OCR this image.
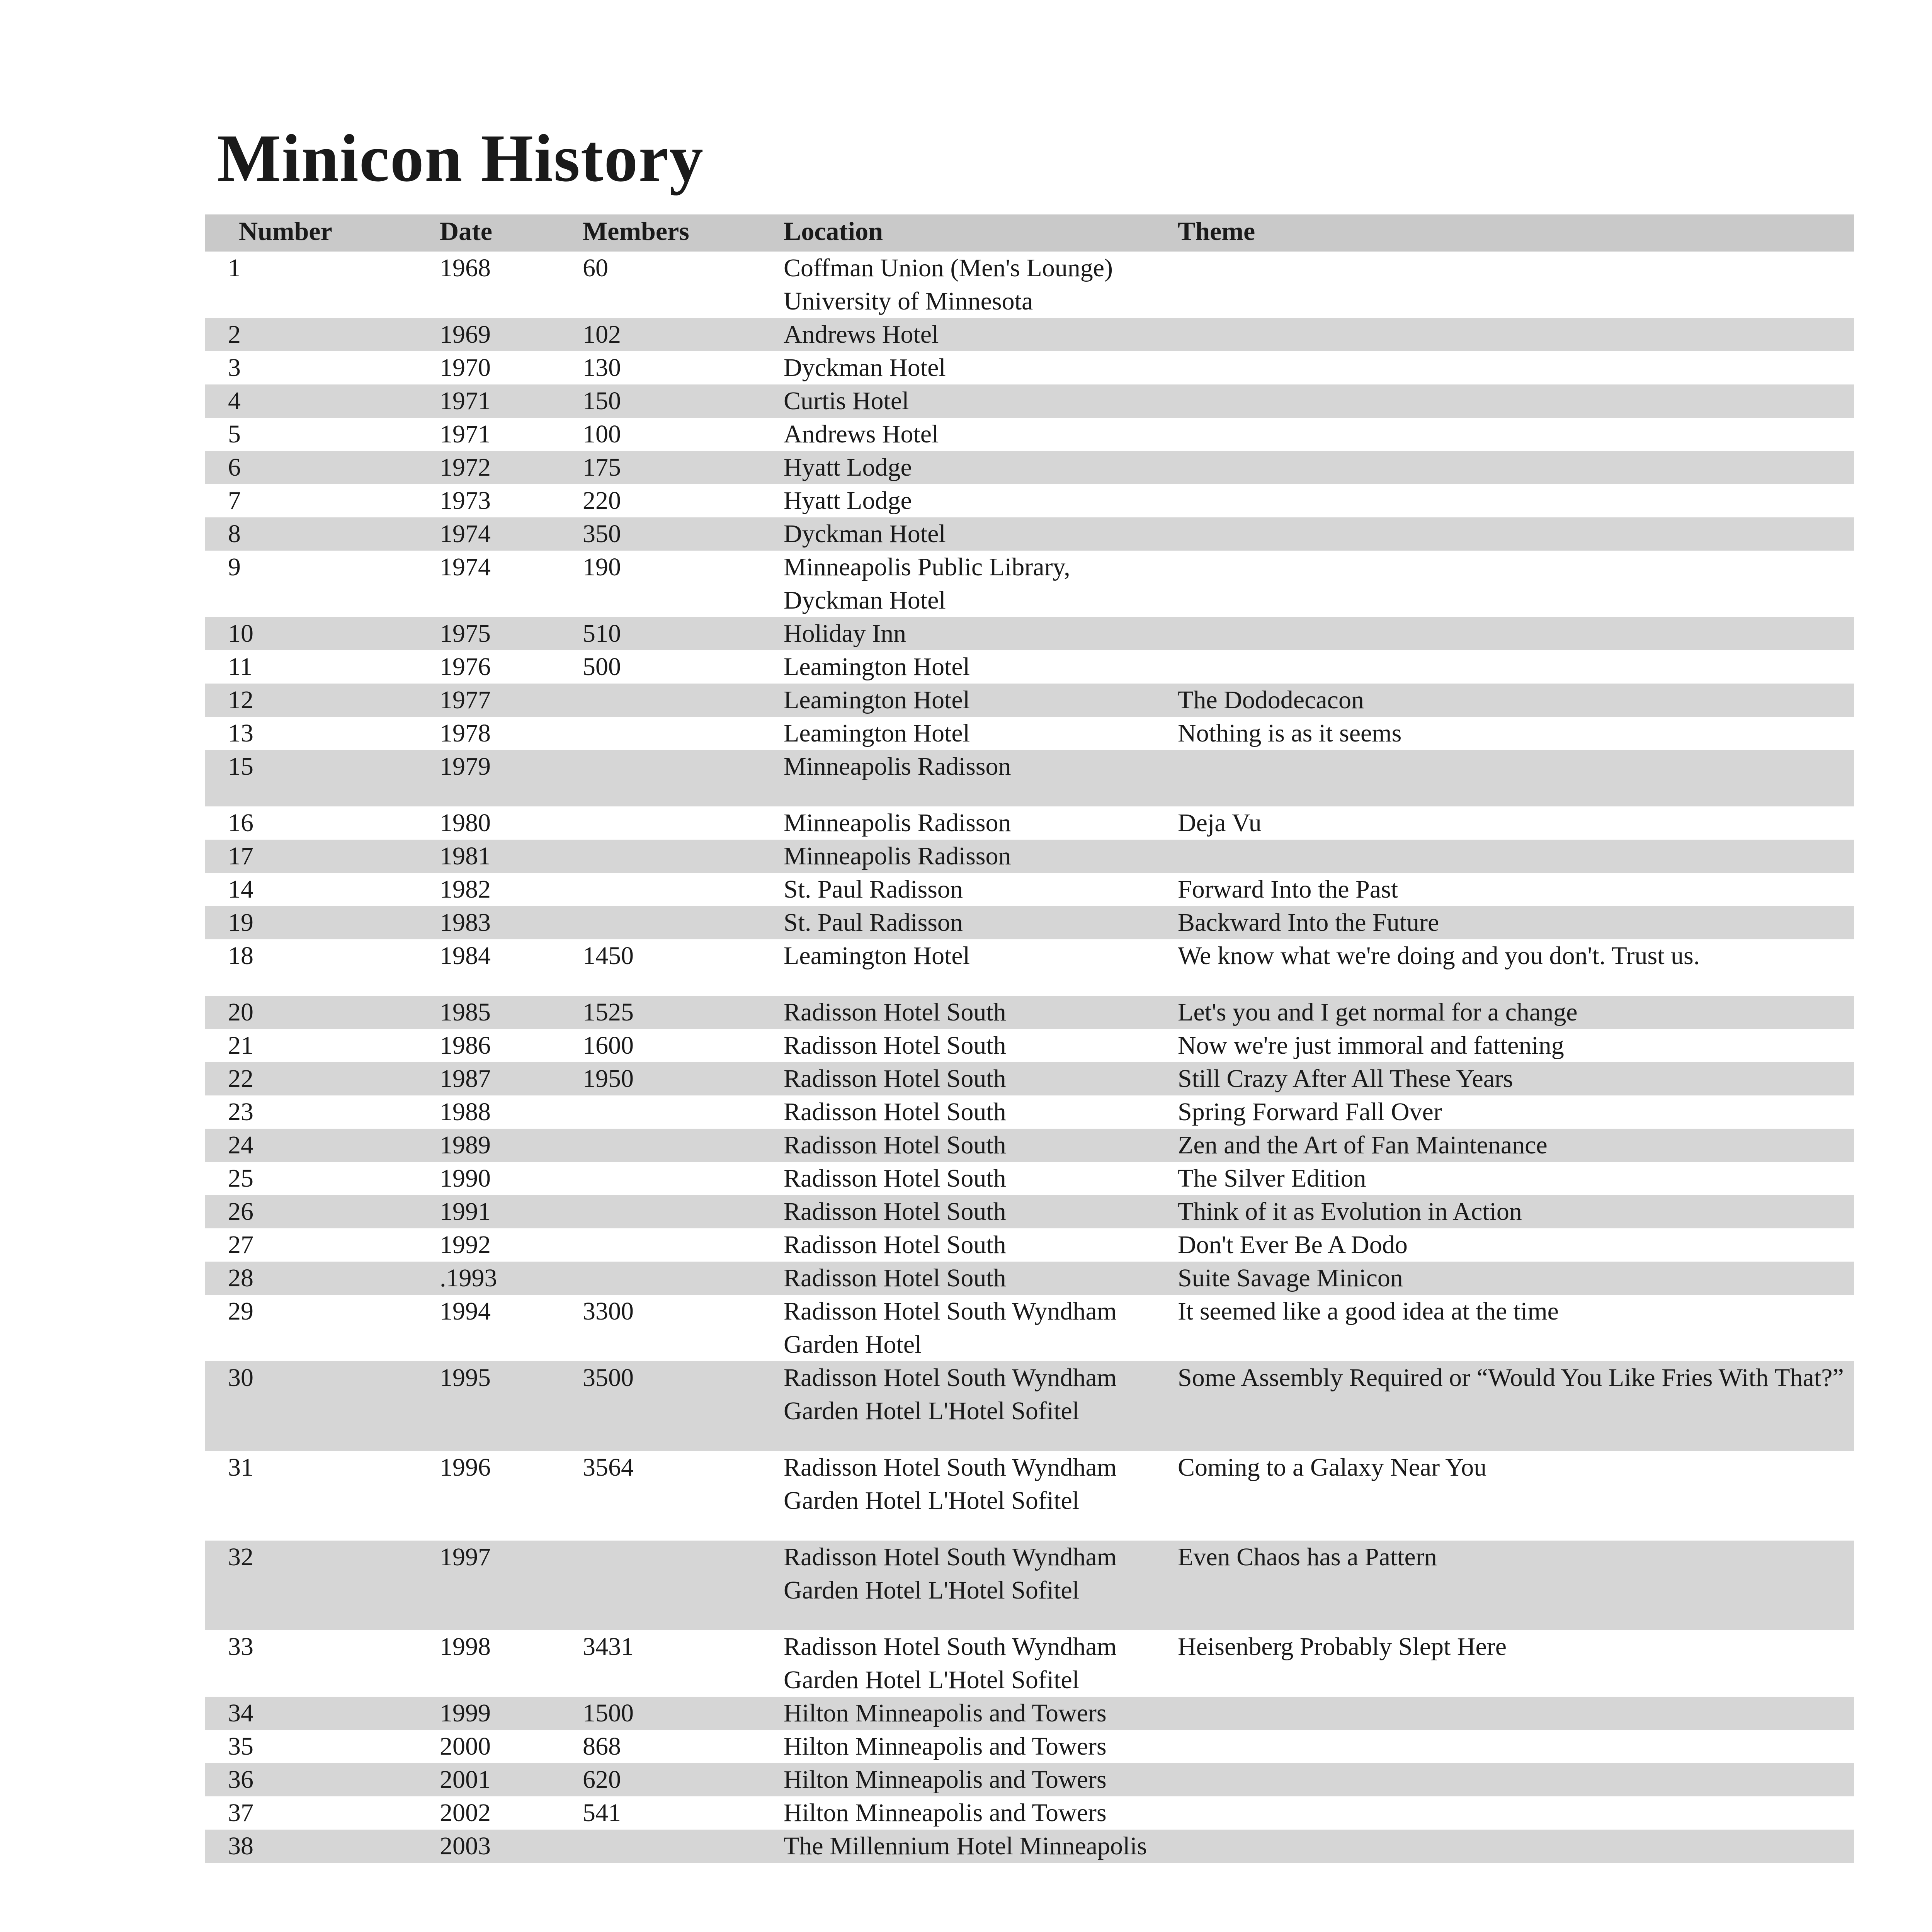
Minicon History
Number	Date	Members	Location	Theme
1	1968	60	Coffman Union (Men's Lounge) University of Minnesota	
2	1969	102	Andrews Hotel	
3	1970	130	Dyckman Hotel	
4	1971	150	Curtis Hotel	
5	1971	100	Andrews Hotel	
6	1972	175	Hyatt Lodge	
7	1973	220	Hyatt Lodge	
8	1974	350	Dyckman Hotel	
9	1974	190	Minneapolis Public Library, Dyckman Hotel	
10	1975	510	Holiday Inn	
11	1976	500	Leamington Hotel	
12	1977		Leamington Hotel	The Dododecacon
13	1978		Leamington Hotel	Nothing is as it seems
15	1979		Minneapolis Radisson	
16	1980		Minneapolis Radisson	Deja Vu
17	1981		Minneapolis Radisson	
14	1982		St. Paul Radisson	Forward Into the Past
19	1983		St. Paul Radisson	Backward Into the Future
18	1984	1450	Leamington Hotel	We know what we're doing and you don't. Trust us.
20	1985	1525	Radisson Hotel South	Let's you and I get normal for a change
21	1986	1600	Radisson Hotel South	Now we're just immoral and fattening
22	1987	1950	Radisson Hotel South	Still Crazy After All These Years
23	1988		Radisson Hotel South	Spring Forward Fall Over
24	1989		Radisson Hotel South	Zen and the Art of Fan Maintenance
25	1990		Radisson Hotel South	The Silver Edition
26	1991		Radisson Hotel South	Think of it as Evolution in Action
27	1992		Radisson Hotel South	Don't Ever Be A Dodo
28	.1993		Radisson Hotel South	Suite Savage Minicon
29	1994	3300	Radisson Hotel South Wyndham Garden Hotel	It seemed like a good idea at the time
30	1995	3500	Radisson Hotel South Wyndham Garden Hotel L'Hotel Sofitel	Some Assembly Required or “Would You Like Fries With That?”
31	1996	3564	Radisson Hotel South Wyndham Garden Hotel L'Hotel Sofitel	Coming to a Galaxy Near You
32	1997		Radisson Hotel South Wyndham Garden Hotel L'Hotel Sofitel	Even Chaos has a Pattern
33	1998	3431	Radisson Hotel South Wyndham Garden Hotel L'Hotel Sofitel	Heisenberg Probably Slept Here
34	1999	1500	Hilton Minneapolis and Towers	
35	2000	868	Hilton Minneapolis and Towers	
36	2001	620	Hilton Minneapolis and Towers	
37	2002	541	Hilton Minneapolis and Towers	
38	2003		The Millennium Hotel Minneapolis	
